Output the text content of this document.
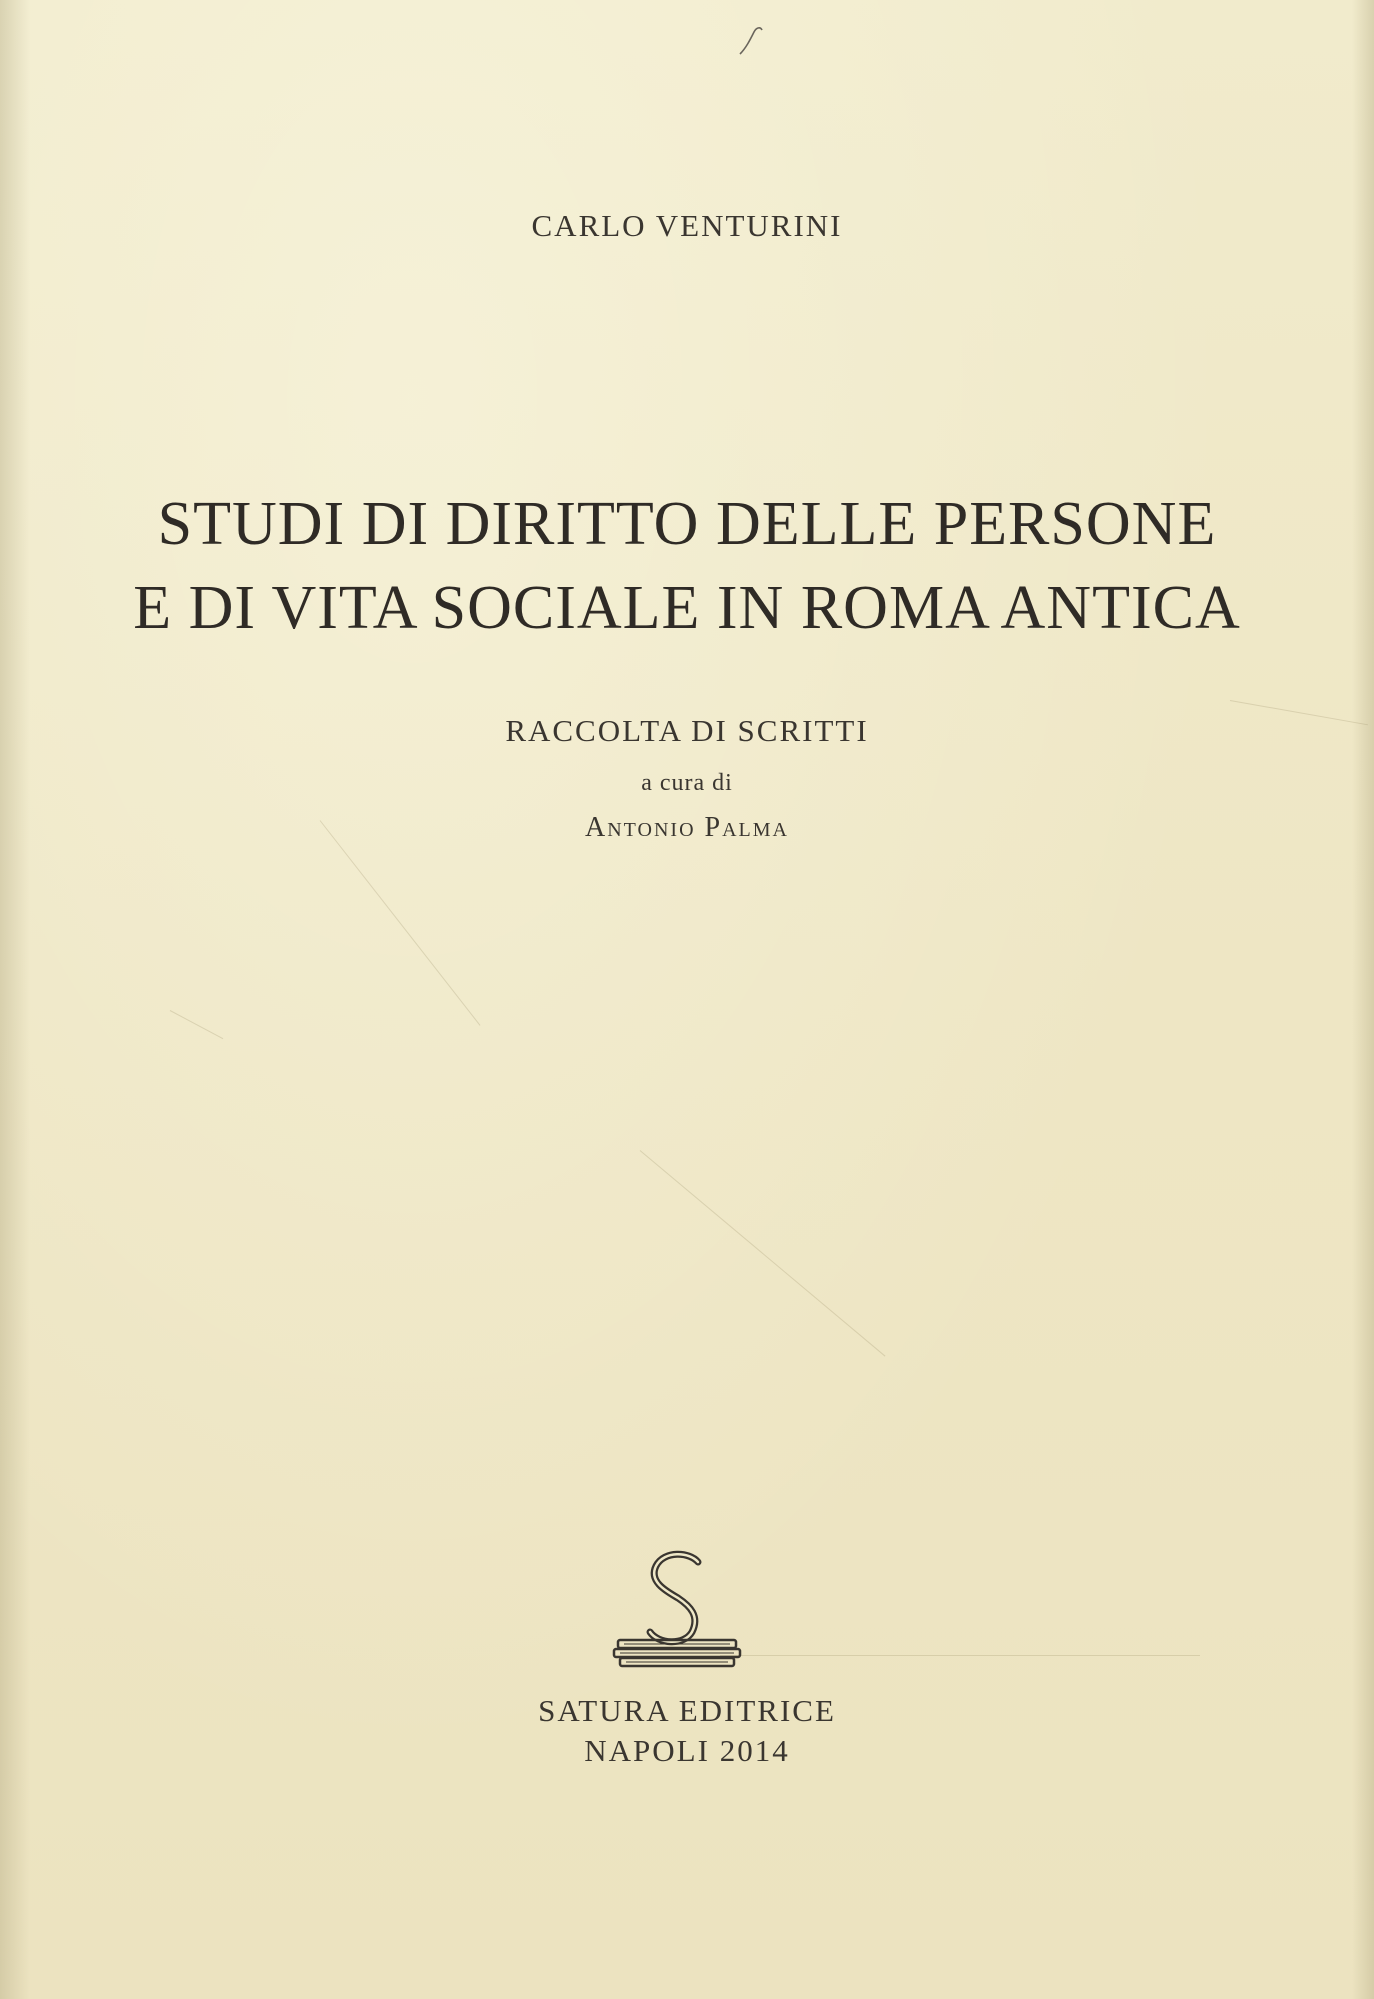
CARLO VENTURINI
STUDI DI DIRITTO DELLE PERSONE
E DI VITA SOCIALE IN ROMA ANTICA
RACCOLTA DI SCRITTI
a cura di
Antonio Palma
SATURA EDITRICE
NAPOLI 2014
